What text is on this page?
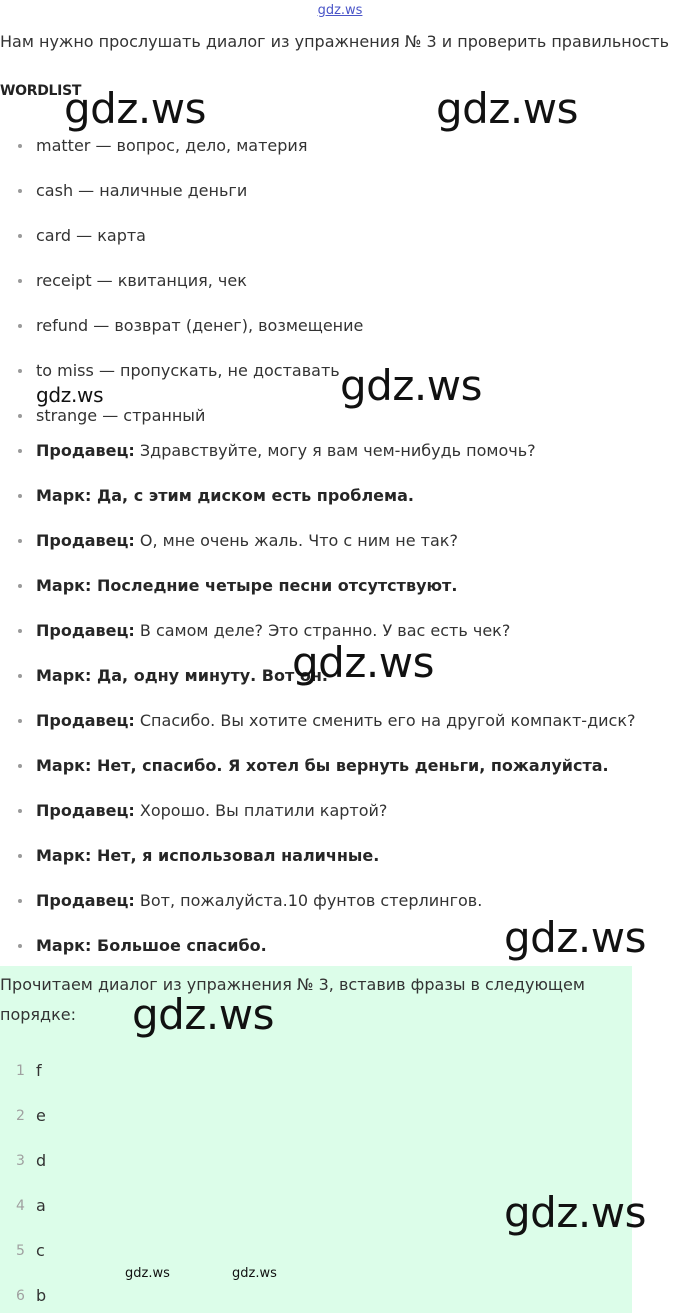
gdz.ws
Нам нужно прослушать диалог из упражнения № 3 и проверить правильность
WORDLIST
matter — вопрос, дело, материя
cash — наличные деньги
card — карта
receipt — квитанция, чек
refund — возврат (денег), возмещение
to miss — пропускать, не доставать
strange — странный
Продавец: Здравствуйте, могу я вам чем-нибудь помочь?
Марк: Да, с этим диском есть проблема.
Продавец: О, мне очень жаль. Что с ним не так?
Марк: Последние четыре песни отсутствуют.
Продавец: В самом деле? Это странно. У вас есть чек?
Марк: Да, одну минуту. Вот он.
Продавец: Спасибо. Вы хотите сменить его на другой компакт-диск?
Марк: Нет, спасибо. Я хотел бы вернуть деньги, пожалуйста.
Продавец: Хорошо. Вы платили картой?
Марк: Нет, я использовал наличные.
Продавец: Вот, пожалуйста.10 фунтов стерлингов.
Марк: Большое спасибо.
Прочитаем диалог из упражнения № 3, вставив фразы в следующем порядке:
1 f
2 e
3 d
4 a
5 c
6 b
gdz.ws	gdz.ws
gdz.ws
gdz.ws
gdz.ws
gdz.ws
gdz.ws
gdz.ws
gdz.ws	gdz.ws
